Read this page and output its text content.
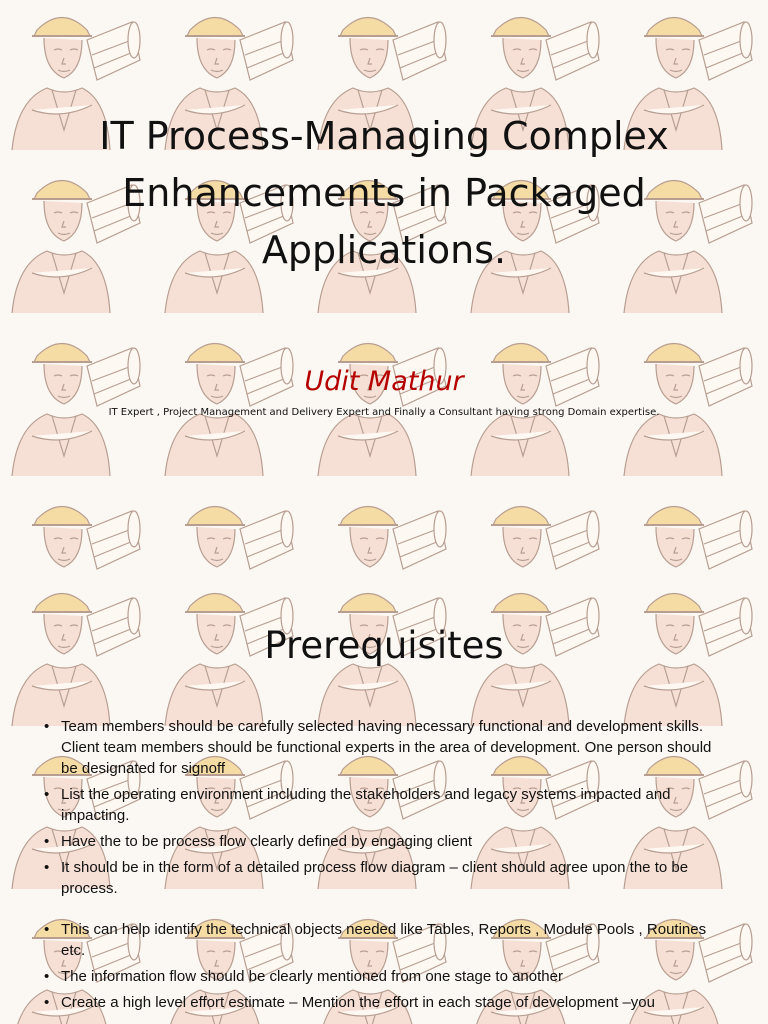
IT Process-Managing Complex
Enhancements in Packaged
Applications.

Udit Mathur

IT Expert , Project Management and Delivery Expert and Finally a Consultant having strong Domain expertise.

Prerequisites
• Team members should be carefully selected having necessary functional and development skills. Client team members should be functional experts in the area of development. One person should be designated for signoff
• List the operating environment including the stakeholders and legacy systems impacted and impacting.
• Have the to be process flow clearly defined by engaging client
• It should be in the form of a detailed process flow diagram – client should agree upon the to be process.
• This can help identify the technical objects needed like Tables, Reports , Module Pools , Routines etc.
• The information flow should be clearly mentioned from one stage to another
• Create a high level effort estimate – Mention the effort in each stage of development –you
